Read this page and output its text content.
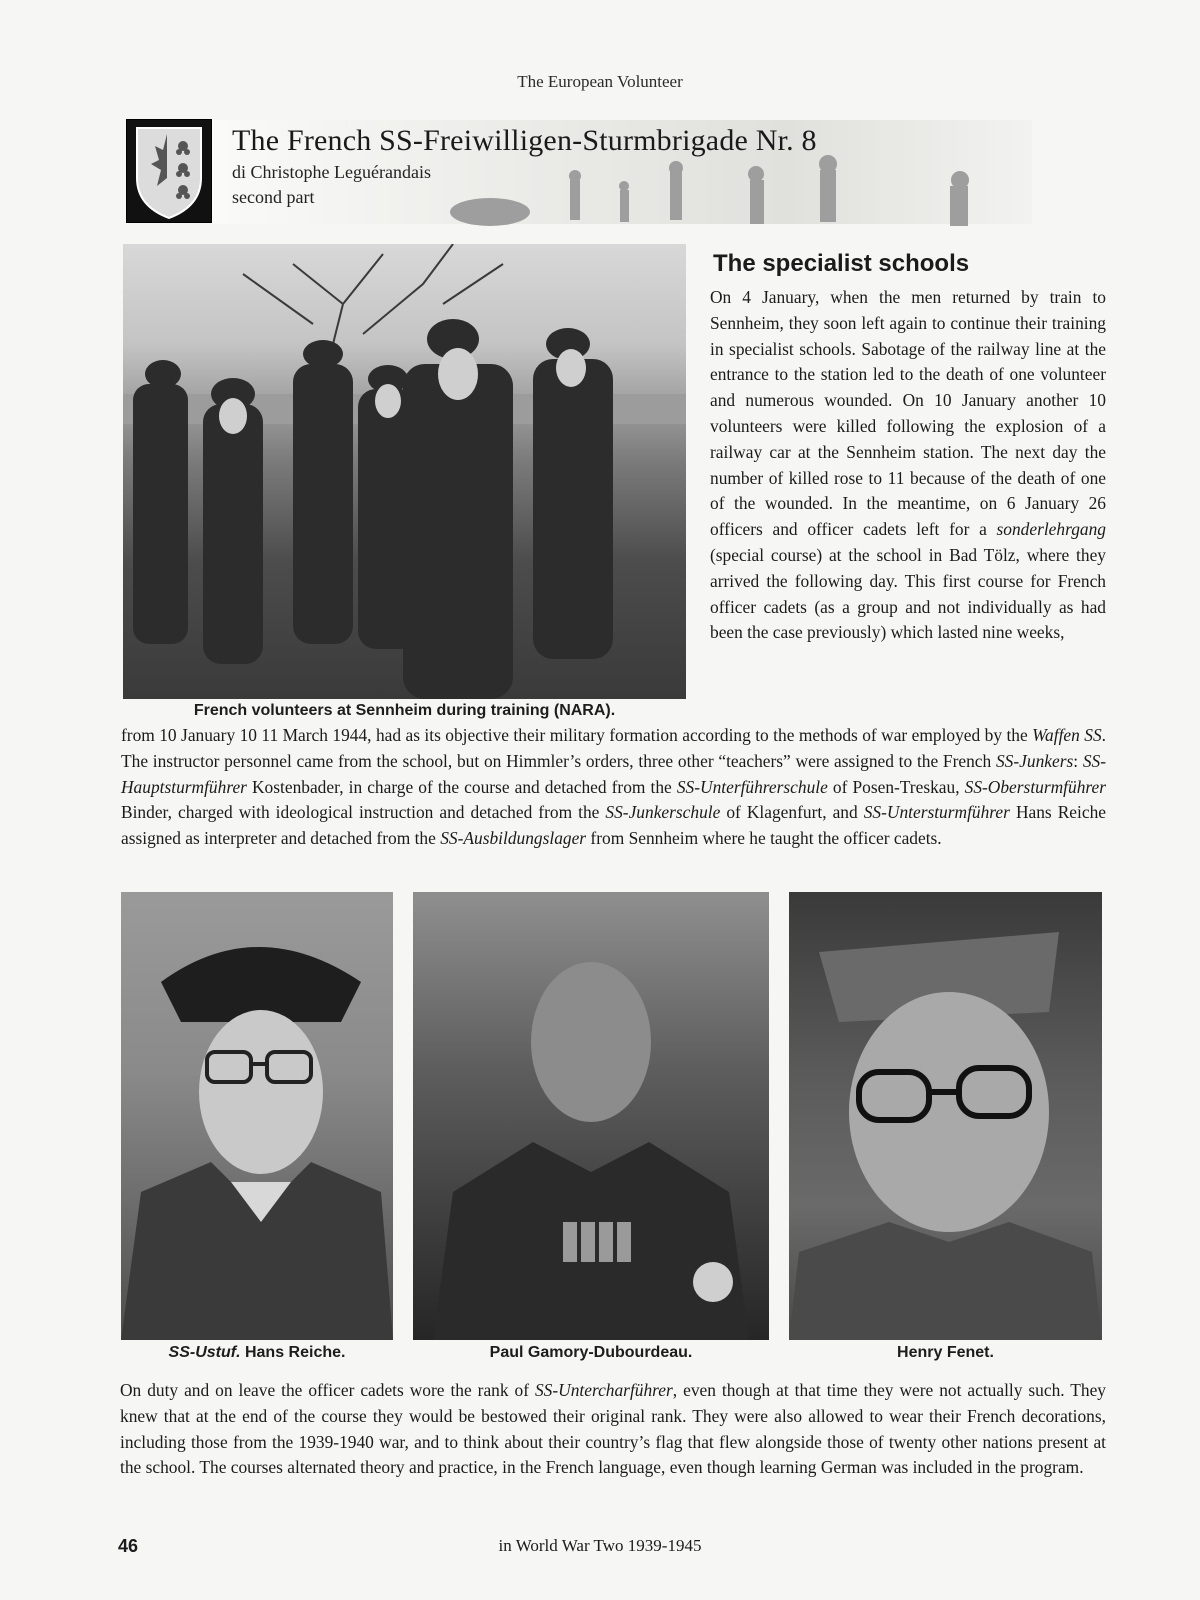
The European Volunteer
The French SS-Freiwilligen-Sturmbrigade Nr. 8
di Christophe Leguérandais
second part
French volunteers at Sennheim during training (NARA).
The specialist schools
On 4 January, when the men returned by train to Sennheim, they soon left again to continue their training in specialist schools. Sabotage of the railway line at the entrance to the station led to the death of one volunteer and numerous wounded. On 10 January another 10 volunteers were killed following the explosion of a railway car at the Sennheim station. The next day the number of killed rose to 11 because of the death of one of the wounded. In the meantime, on 6 January 26 officers and officer cadets left for a sonderlehrgang (special course) at the school in Bad Tölz, where they arrived the following day. This first course for French officer cadets (as a group and not individually as had been the case previously) which lasted nine weeks,
from 10 January 10 11 March 1944, had as its objective their military formation according to the methods of war employed by the Waffen SS. The instructor personnel came from the school, but on Himmler’s orders, three other “teachers” were assigned to the French SS-Junkers: SS-Hauptsturmführer Kostenbader, in charge of the course and detached from the SS-Unterführerschule of Posen-Treskau, SS-Obersturmführer Binder, charged with ideological instruction and detached from the SS-Junkerschule of Klagenfurt, and SS-Untersturmführer Hans Reiche assigned as interpreter and detached from the SS-Ausbildungslager from Sennheim where he taught the officer cadets.
SS-Ustuf. Hans Reiche.	Paul Gamory-Dubourdeau.	Henry Fenet.
On duty and on leave the officer cadets wore the rank of SS-Untercharführer, even though at that time they were not actually such. They knew that at the end of the course they would be bestowed their original rank. They were also allowed to wear their French decorations, including those from the 1939-1940 war, and to think about their country’s flag that flew alongside those of twenty other nations present at the school. The courses alternated theory and practice, in the French language, even though learning German was included in the program.
46	in World War Two 1939-1945
